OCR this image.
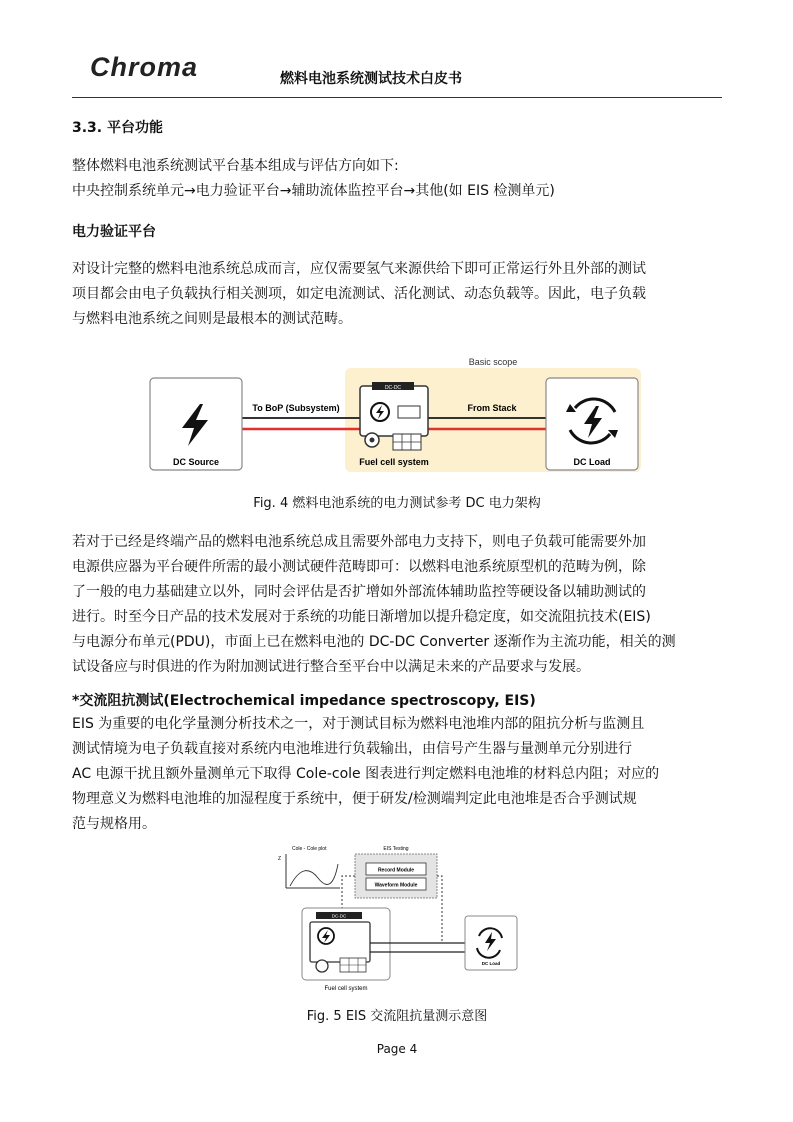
Chroma	燃料电池系统测试技术白皮书
3.3. 平台功能

整体燃料电池系统测试平台基本组成与评估方向如下:

中央控制系统单元→电力验证平台→辅助流体监控平台→其他(如 EIS 检测单元)

电力验证平台

对设计完整的燃料电池系统总成而言，应仅需要氢气来源供给下即可正常运行外且外部的测试

项目都会由电子负载执行相关测项，如定电流测试、活化测试、动态负载等。因此，电子负载

与燃料电池系统之间则是最根本的测试范畴。

Basic scope
DC Source
To BoP (Subsystem)
DC-DC
Fuel cell system
From Stack
DC Load
Fig. 4 燃料电池系统的电力测试参考 DC 电力架构

若对于已经是终端产品的燃料电池系统总成且需要外部电力支持下，则电子负载可能需要外加

电源供应器为平台硬件所需的最小测试硬件范畴即可：以燃料电池系统原型机的范畴为例，除

了一般的电力基础建立以外，同时会评估是否扩增如外部流体辅助监控等硬设备以辅助测试的

进行。时至今日产品的技术发展对于系统的功能日渐增加以提升稳定度，如交流阻抗技术(EIS)

与电源分布单元(PDU)，市面上已在燃料电池的 DC-DC Converter 逐渐作为主流功能，相关的测

试设备应与时俱进的作为附加测试进行整合至平台中以满足未来的产品要求与发展。

*交流阻抗测试(Electrochemical impedance spectroscopy, EIS)

EIS 为重要的电化学量测分析技术之一，对于测试目标为燃料电池堆内部的阻抗分析与监测且

测试情境为电子负载直接对系统内电池堆进行负载输出，由信号产生器与量测单元分别进行

AC 电源干扰且额外量测单元下取得 Cole-cole 图表进行判定燃料电池堆的材料总内阻；对应的

物理意义为燃料电池堆的加湿程度于系统中，便于研发/检测端判定此电池堆是否合乎测试规

范与规格用。

Cole - Cole plot
Z
EIS Testing
Record Module
Waveform Module
DC-DC
Fuel cell system
DC Load
Fig. 5 EIS 交流阻抗量测示意图
Page 4
